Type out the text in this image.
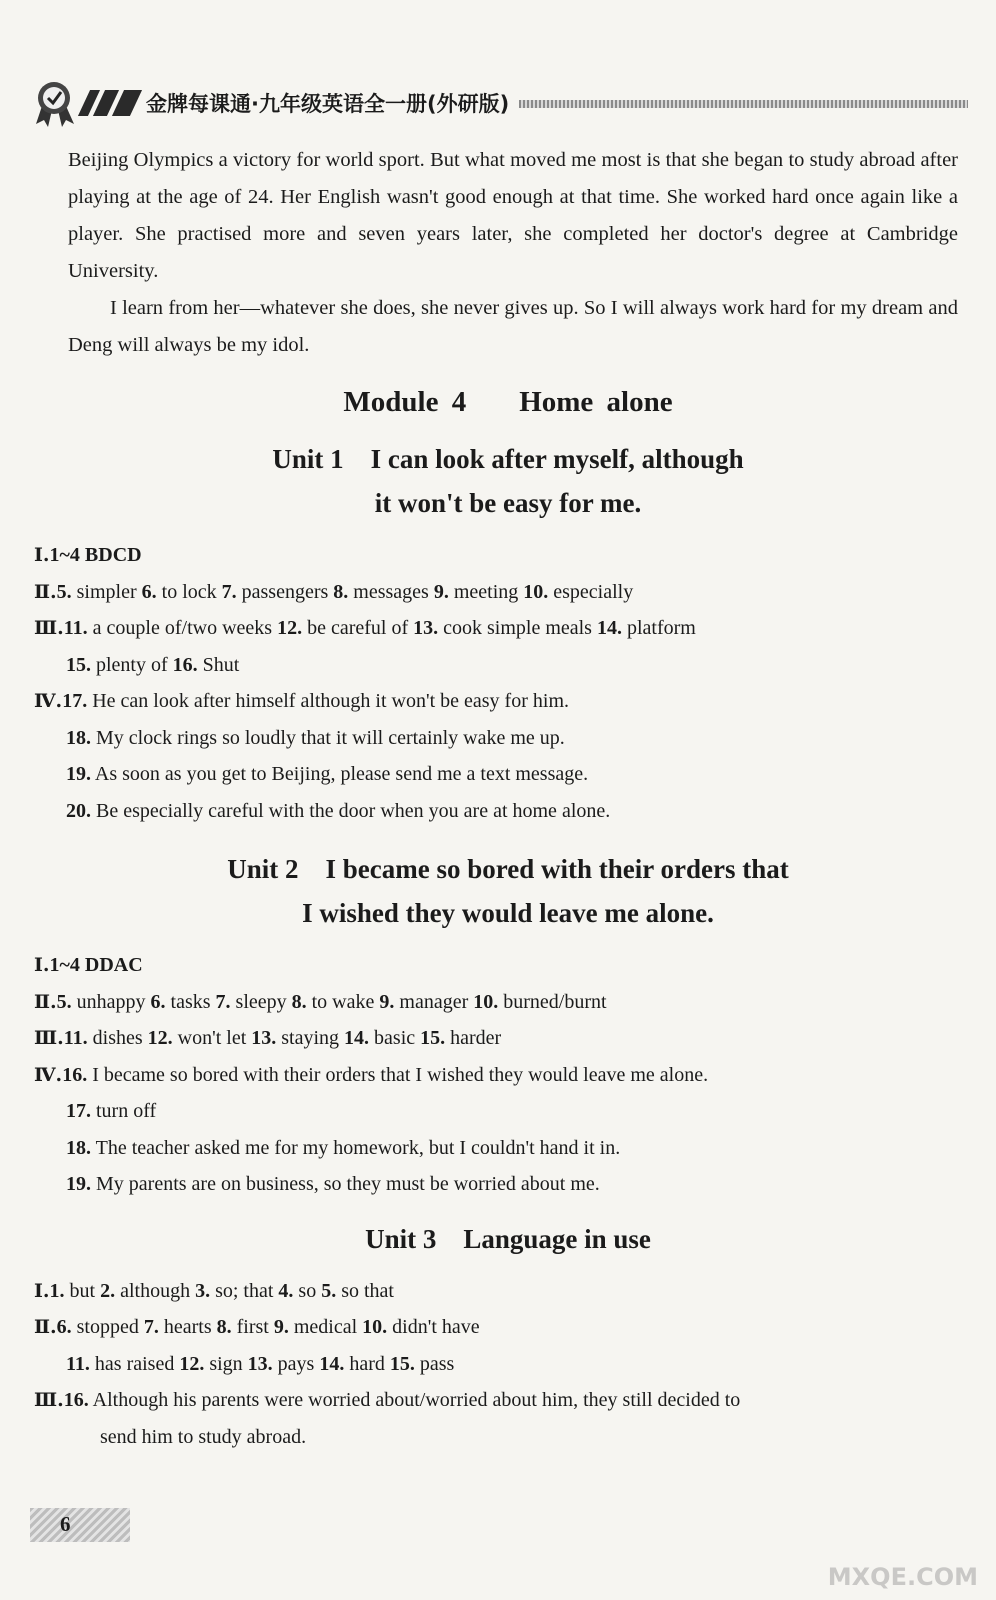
金牌每课通·九年级英语全一册(外研版)

Beijing Olympics a victory for world sport. But what moved me most is that she began to study abroad after playing at the age of 24. Her English wasn't good enough at that time. She worked hard once again like a player. She practised more and seven years later, she completed her doctor's degree at Cambridge University.

I learn from her—whatever she does, she never gives up. So I will always work hard for my dream and Deng will always be my idol.

Module 4    Home alone
Unit 1    I can look after myself, although
it won't be easy for me.
Ⅰ.1~4 BDCD
Ⅱ.5. simpler 6. to lock 7. passengers 8. messages 9. meeting 10. especially
Ⅲ.11. a couple of/two weeks 12. be careful of 13. cook simple meals 14. platform
15. plenty of 16. Shut
Ⅳ.17. He can look after himself although it won't be easy for him.
18. My clock rings so loudly that it will certainly wake me up.
19. As soon as you get to Beijing, please send me a text message.
20. Be especially careful with the door when you are at home alone.
Unit 2    I became so bored with their orders that
I wished they would leave me alone.
Ⅰ.1~4 DDAC
Ⅱ.5. unhappy 6. tasks 7. sleepy 8. to wake 9. manager 10. burned/burnt
Ⅲ.11. dishes 12. won't let 13. staying 14. basic 15. harder
Ⅳ.16. I became so bored with their orders that I wished they would leave me alone.
17. turn off
18. The teacher asked me for my homework, but I couldn't hand it in.
19. My parents are on business, so they must be worried about me.
Unit 3    Language in use
Ⅰ.1. but 2. although 3. so; that 4. so 5. so that
Ⅱ.6. stopped 7. hearts 8. first 9. medical 10. didn't have
11. has raised 12. sign 13. pays 14. hard 15. pass
Ⅲ.16. Although his parents were worried about/worried about him, they still decided to
send him to study abroad.
6
MXQE.COM
